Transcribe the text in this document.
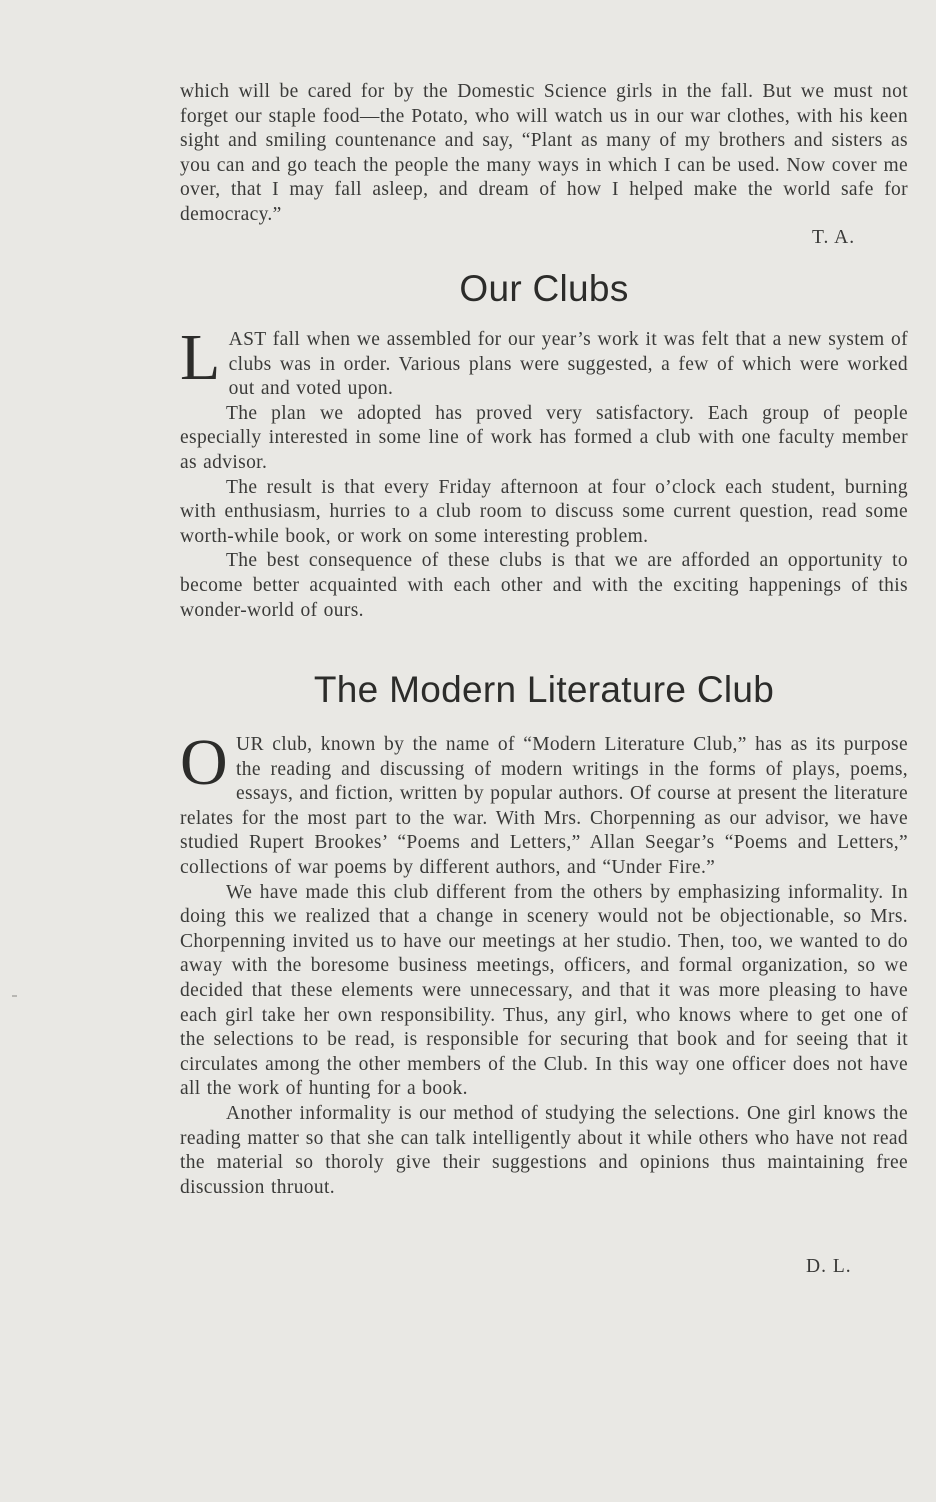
which will be cared for by the Domestic Science girls in the fall. But we must not forget our staple food—the Potato, who will watch us in our war clothes, with his keen sight and smiling countenance and say, “Plant as many of my brothers and sisters as you can and go teach the people the many ways in which I can be used. Now cover me over, that I may fall asleep, and dream of how I helped make the world safe for democracy.”

T. A.
Our Clubs

LAST fall when we assembled for our year’s work it was felt that a new system of clubs was in order. Various plans were suggested, a few of which were worked out and voted upon.

The plan we adopted has proved very satisfactory. Each group of people especially interested in some line of work has formed a club with one faculty member as advisor.

The result is that every Friday afternoon at four o’clock each student, burning with enthusiasm, hurries to a club room to discuss some current question, read some worth-while book, or work on some interesting problem.

The best consequence of these clubs is that we are afforded an opportunity to become better acquainted with each other and with the exciting happenings of this wonder-world of ours.

The Modern Literature Club

OUR club, known by the name of “Modern Literature Club,” has as its purpose the reading and discussing of modern writings in the forms of plays, poems, essays, and fiction, written by popular authors. Of course at present the literature relates for the most part to the war. With Mrs. Chorpenning as our advisor, we have studied Rupert Brookes’ “Poems and Letters,” Allan Seegar’s “Poems and Letters,” collections of war poems by different authors, and “Under Fire.”

We have made this club different from the others by emphasizing informality. In doing this we realized that a change in scenery would not be objectionable, so Mrs. Chorpenning invited us to have our meetings at her studio. Then, too, we wanted to do away with the boresome business meetings, officers, and formal organization, so we decided that these elements were unnecessary, and that it was more pleasing to have each girl take her own responsibility. Thus, any girl, who knows where to get one of the selections to be read, is responsible for securing that book and for seeing that it circulates among the other members of the Club. In this way one officer does not have all the work of hunting for a book.

Another informality is our method of studying the selections. One girl knows the reading matter so that she can talk intelligently about it while others who have not read the material so thoroly give their suggestions and opinions thus maintaining free discussion thruout.

D. L.
